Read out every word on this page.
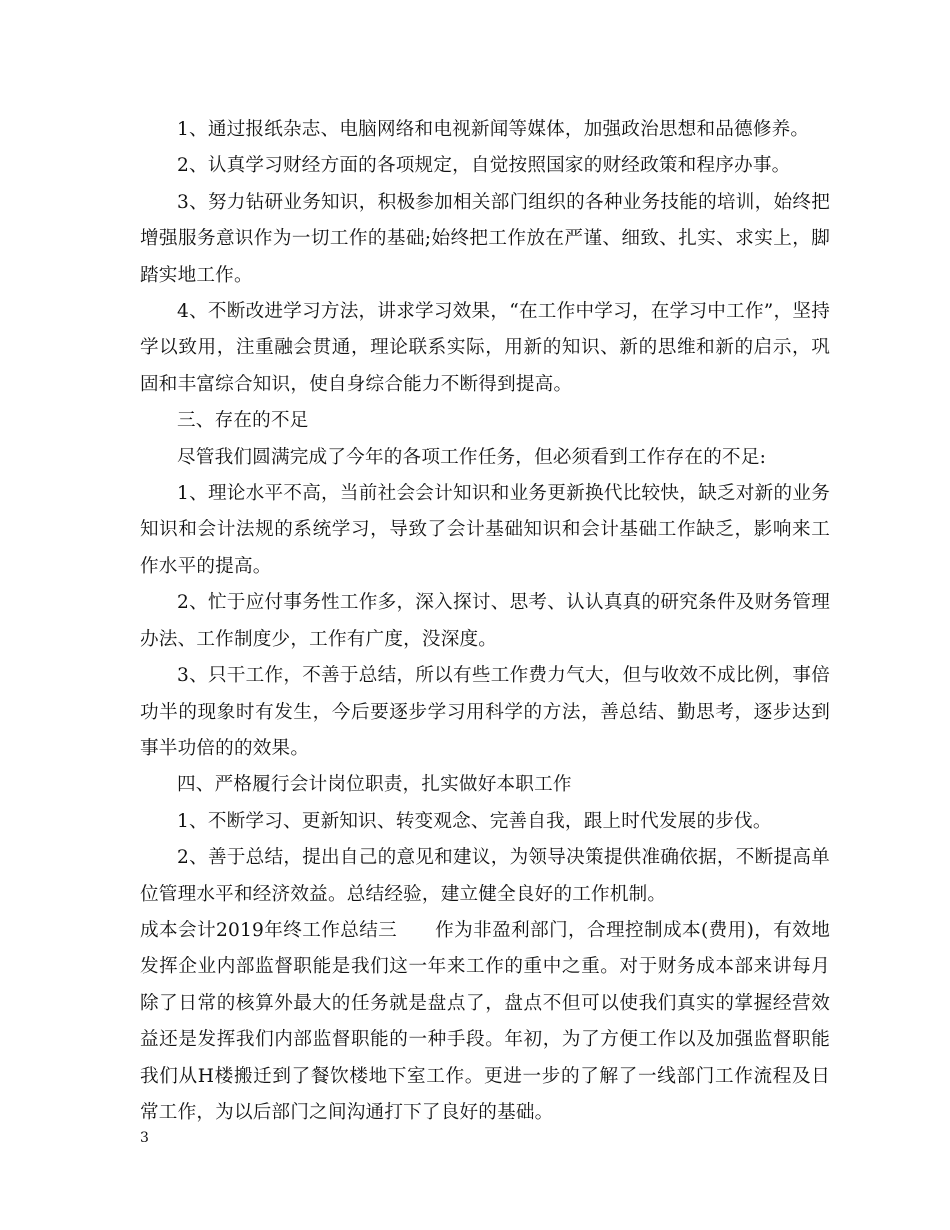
1、通过报纸杂志、电脑网络和电视新闻等媒体，加强政治思想和品德修养。

2、认真学习财经方面的各项规定，自觉按照国家的财经政策和程序办事。

3、努力钻研业务知识，积极参加相关部门组织的各种业务技能的培训，始终把增强服务意识作为一切工作的基础;始终把工作放在严谨、细致、扎实、求实上，脚踏实地工作。

4、不断改进学习方法，讲求学习效果，“在工作中学习，在学习中工作”，坚持学以致用，注重融会贯通，理论联系实际，用新的知识、新的思维和新的启示，巩固和丰富综合知识，使自身综合能力不断得到提高。

三、存在的不足

尽管我们圆满完成了今年的各项工作任务，但必须看到工作存在的不足:

1、理论水平不高，当前社会会计知识和业务更新换代比较快，缺乏对新的业务知识和会计法规的系统学习，导致了会计基础知识和会计基础工作缺乏，影响来工作水平的提高。

2、忙于应付事务性工作多，深入探讨、思考、认认真真的研究条件及财务管理办法、工作制度少，工作有广度，没深度。

3、只干工作，不善于总结，所以有些工作费力气大，但与收效不成比例，事倍功半的现象时有发生，今后要逐步学习用科学的方法，善总结、勤思考，逐步达到事半功倍的的效果。

四、严格履行会计岗位职责，扎实做好本职工作

1、不断学习、更新知识、转变观念、完善自我，跟上时代发展的步伐。

2、善于总结，提出自己的意见和建议，为领导决策提供准确依据，不断提高单位管理水平和经济效益。总结经验，建立健全良好的工作机制。

成本会计2019年终工作总结三　　作为非盈利部门，合理控制成本(费用)，有效地发挥企业内部监督职能是我们这一年来工作的重中之重。对于财务成本部来讲每月除了日常的核算外最大的任务就是盘点了，盘点不但可以使我们真实的掌握经营效益还是发挥我们内部监督职能的一种手段。年初，为了方便工作以及加强监督职能我们从H楼搬迁到了餐饮楼地下室工作。更进一步的了解了一线部门工作流程及日常工作，为以后部门之间沟通打下了良好的基础。

3
